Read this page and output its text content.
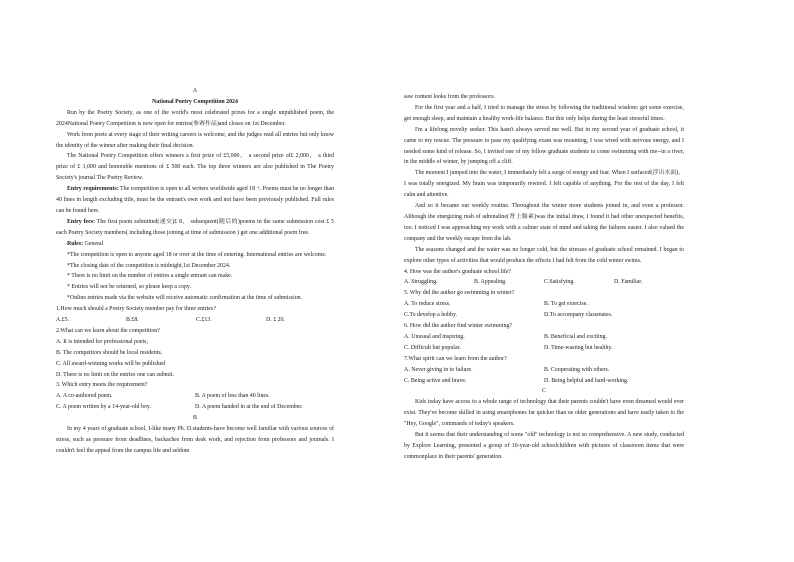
A

National Poetry Competition 2024

Run by the Poetry Society, as one of the world's most celebrated prizes for a single unpublished poem, the 2024National Poetry Competition is now open for entries(参赛作品)and closes on 1st December.

Work from poets at every stage of their writing careers is welcome, and the judges read all entries but only know the identity of the winner after making their final decision.

The National Poetry Competition offers winners a first prize of £5,000， a second prize of£ 2,000， a third prize of £ 1,000 and honorable mentions of £ 500 each. The top three winners are also published in The Poetry Society's journal The Poetry Review.

Entry requirements: The competition is open to all writers worldwide aged 18 +. Poems must be no longer than 40 lines in length excluding title, must be the entrant's own work and not have been previously published. Full rules can be found here.

Entry fees: The first poem submitted(递交)£ 8， subsequent(随后的)poems in the same submission cost £ 5 each Poetry Society members( including those joining at time of submission ) get one additional poem free.

Rules: General

*The competition is open to anyone aged 18 or over at the time of entering. International entries are welcome.

*The closing date of the competition is midnight,1st December 2024.

* There is no limit on the number of entries a single entrant can make.

* Entries will not be returned, so please keep a copy.

*Online entries made via the website will receive automatic confirmation at the time of submission.

1.How much should a Poetry Society member pay for three entries?

A.£5.	B.£8.	C.£13.	D. £ 20.

2.What can we learn about the competition?

A. It is intended for professional poets,

B. The competitors should be local residents.

C. All award-winning works will be published

D. There is no limit on the entries one can submit.

3. Which entry meets the requirement?

A. A co-authored poem.	B. A poem of less than 40 lines.
C. A poem written by a 14-year-old boy.	D. A poem handed in at the end of December.

B

In my 4 years of graduate school, I-like many Ph. D.students-have become well familiar with various sources of stress, such as pressure from deadlines, backaches from desk work, and rejection from professors and journals. I couldn't feel the appeal from the campus life and seldom

saw content looks from the professors.

For the first year and a half, I tried to manage the stress by following the traditional wisdom: get some exercise, get enough sleep, and maintain a healthy work-life balance. But this only helps during the least stressful times.

I'm a lifelong novelty seeker. This hasn't always served me well. But in my second year of graduate school, it came to my rescue. The pressure to pass my qualifying exam was mounting, I was wired with nervous energy, and I needed some kind of release. So, I invited one of my fellow graduate students to come swimming with me--in a river, in the middle of winter, by jumping off a cliff.

The moment I jumped into the water, I immediately felt a surge of energy and fear. When I surfaced(浮出水面)，I was totally energized. My brain was temporarily rewired. I felt capable of anything. For the rest of the day, I felt calm and attentive.

And so it became our weekly routine. Throughout the winter more students joined in, and even a professor. Although the energizing rush of adrenaline(肾上腺素)was the initial draw, I found it had other unexpected benefits, too. I noticed I was approaching my work with a calmer state of mind and taking the failures easier. I also valued the company and the weekly escape from the lab.

The seasons changed and the water was no longer cold, but the stresses of graduate school remained. I began to explore other types of activities that would produce the effects I had felt from the cold winter swims.

4. How was the author's graduate school life?

A. Struggling.	B. Appealing.	C.Satisfying.	D. Familiar.

5. Why did the author go swimming in winter?

A. To reduce stress.	B. To get exercise.
C.To develop a hobby.	D.To accompany classmates.

6. How did the author find winter swimming?

A. Unusual and inspiring.	B. Beneficial and exciting.
C. Difficult but popular.	D. Time-wasting but healthy.

7.What spirit can we learn from the author?

A. Never giving in to failure.	B. Cooperating with others.
C. Being active and brave.	D. Being helpful and hard-working.

C

Kids today have access to a whole range of technology that their parents couldn't have even dreamed would ever exist. They've become skilled in using smartphones far quicker than us older generations and have easily taken to the "Hey, Google", commands of today's speakers.

But it seems that their understanding of some "old" technology is not so comprehensive. A new study, conducted by Explore Learning, presented a group of 10-year-old schoolchildren with pictures of classroom items that were commonplace in their parents' generation.
